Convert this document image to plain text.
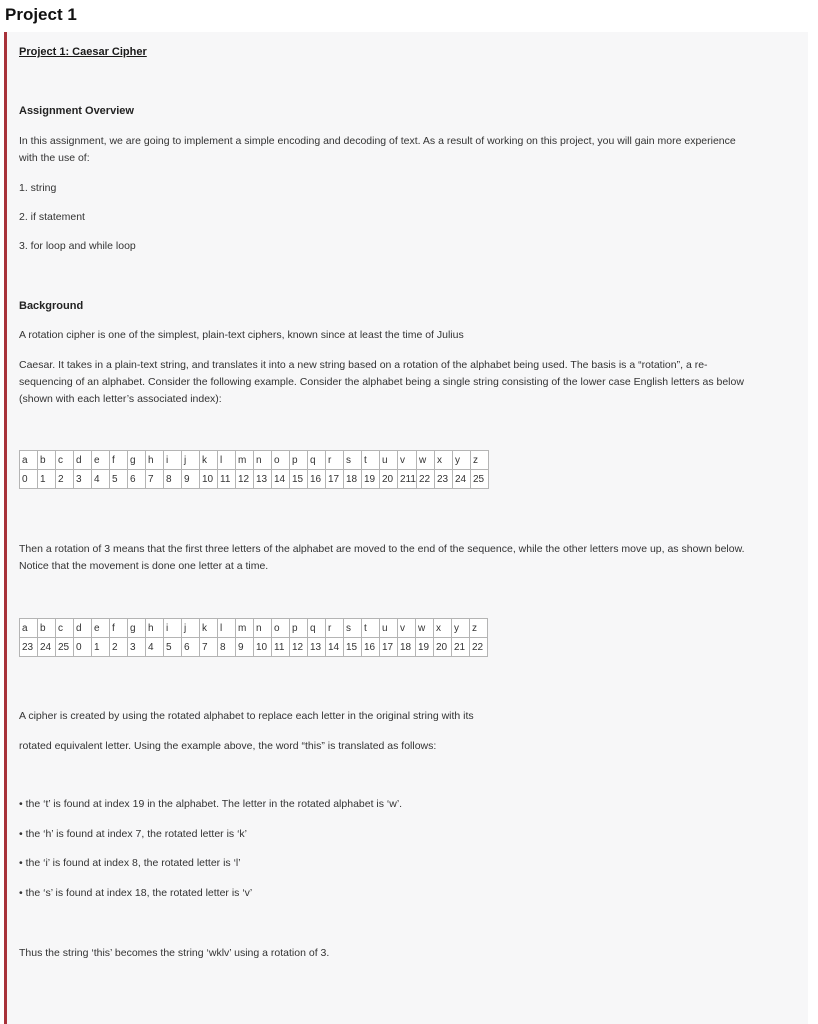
Project 1
Project 1: Caesar Cipher
Assignment Overview
In this assignment, we are going to implement a simple encoding and decoding of text. As a result of working on this project, you will gain more experience
with the use of:
1. string
2. if statement
3. for loop and while loop
Background
A rotation cipher is one of the simplest, plain-text ciphers, known since at least the time of Julius
Caesar. It takes in a plain-text string, and translates it into a new string based on a rotation of the alphabet being used. The basis is a “rotation”, a re-
sequencing of an alphabet. Consider the following example. Consider the alphabet being a single string consisting of the lower case English letters as below
(shown with each letter’s associated index):
a	b	c	d	e	f	g	h	i	j	k	l	m	n	o	p	q	r	s	t	u	v	w	x	y	z
0	1	2	3	4	5	6	7	8	9	10	11	12	13	14	15	16	17	18	19	20	211	22	23	24	25
Then a rotation of 3 means that the first three letters of the alphabet are moved to the end of the sequence, while the other letters move up, as shown below.
Notice that the movement is done one letter at a time.
a	b	c	d	e	f	g	h	i	j	k	l	m	n	o	p	q	r	s	t	u	v	w	x	y	z
23	24	25	0	1	2	3	4	5	6	7	8	9	10	11	12	13	14	15	16	17	18	19	20	21	22
A cipher is created by using the rotated alphabet to replace each letter in the original string with its
rotated equivalent letter. Using the example above, the word “this” is translated as follows:
• the ‘t’ is found at index 19 in the alphabet. The letter in the rotated alphabet is ‘w’.
• the ‘h’ is found at index 7, the rotated letter is ‘k’
• the ‘i’ is found at index 8, the rotated letter is ‘l’
• the ‘s’ is found at index 18, the rotated letter is ‘v’
Thus the string ‘this’ becomes the string ‘wklv’ using a rotation of 3.
